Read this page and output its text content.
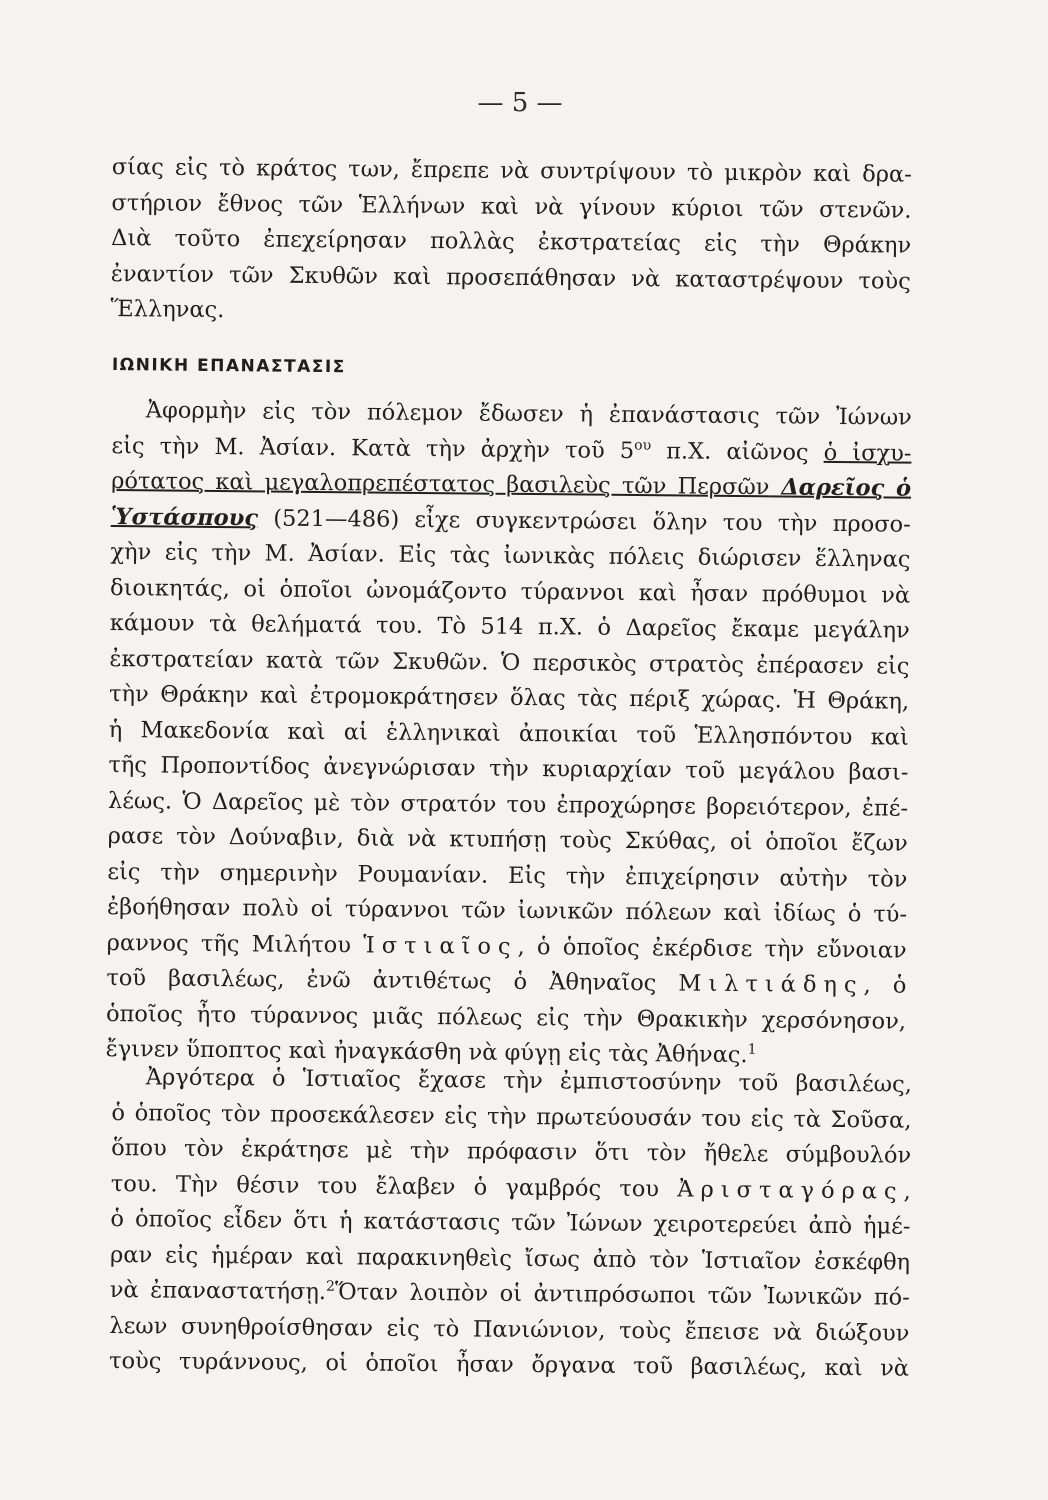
— 5 —
σίας εἰς τὸ κράτος των, ἔπρεπε νὰ συντρίψουν τὸ μικρὸν καὶ δρα-
στήριον ἔθνος τῶν Ἑλλήνων καὶ νὰ γίνουν κύριοι τῶν στενῶν.
Διὰ τοῦτο ἐπεχείρησαν πολλὰς ἐκστρατείας εἰς τὴν Θράκην
ἐναντίον τῶν Σκυθῶν καὶ προσεπάθησαν νὰ καταστρέψουν τοὺς
Ἕλληνας.
ΙΩΝΙΚΗ ΕΠΑΝΑΣΤΑΣΙΣ
Ἀφορμὴν εἰς τὸν πόλεμον ἔδωσεν ἡ ἐπανάστασις τῶν Ἰώνων
εἰς τὴν Μ. Ἀσίαν. Κατὰ τὴν ἀρχὴν τοῦ $5^{o\upsilon}$ π.Χ. αἰῶνος ὁ ἰσχυ-
ρότατος καὶ μεγαλοπρεπέστατος βασιλεὺς τῶν Περσῶν Δαρεῖος ὁ
Ὑστάσπους (521—486) εἶχε συγκεντρώσει ὅλην του τὴν προσο-
χὴν εἰς τὴν Μ. Ἀσίαν. Εἰς τὰς ἰωνικὰς πόλεις διώρισεν ἕλληνας
διοικητάς, οἱ ὁποῖοι ὠνομάζοντο τύραννοι καὶ ἦσαν πρόθυμοι νὰ
κάμουν τὰ θελήματά του. Τὸ 514 π.Χ. ὁ Δαρεῖος ἔκαμε μεγάλην
ἐκστρατείαν κατὰ τῶν Σκυθῶν. Ὁ περσικὸς στρατὸς ἐπέρασεν εἰς
τὴν Θράκην καὶ ἐτρομοκράτησεν ὅλας τὰς πέριξ χώρας. Ἡ Θράκη,
ἡ Μακεδονία καὶ αἱ ἑλληνικαὶ ἀποικίαι τοῦ Ἑλλησπόντου καὶ
τῆς Προποντίδος ἀνεγνώρισαν τὴν κυριαρχίαν τοῦ μεγάλου βασι-
λέως. Ὁ Δαρεῖος μὲ τὸν στρατόν του ἐπροχώρησε βορειότερον, ἐπέ-
ρασε τὸν Δούναβιν, διὰ νὰ κτυπήσῃ τοὺς Σκύθας, οἱ ὁποῖοι ἔζων
εἰς τὴν σημερινὴν Ρουμανίαν. Εἰς τὴν ἐπιχείρησιν αὐτὴν τὸν
ἐβοήθησαν πολὺ οἱ τύραννοι τῶν ἰωνικῶν πόλεων καὶ ἰδίως ὁ τύ-
ραννος τῆς Μιλήτου Ἱστιαῖος, ὁ ὁποῖος ἐκέρδισε τὴν εὔνοιαν
τοῦ βασιλέως, ἐνῶ ἀντιθέτως ὁ Ἀθηναῖος Μιλτιάδης, ὁ
ὁποῖος ἦτο τύραννος μιᾶς πόλεως εἰς τὴν Θρακικὴν χερσόνησον,
ἔγινεν ὕποπτος καὶ ἠναγκάσθη νὰ φύγῃ εἰς τὰς Ἀθήνας.$^1$
Ἀργότερα ὁ Ἱστιαῖος ἔχασε τὴν ἐμπιστοσύνην τοῦ βασιλέως,
ὁ ὁποῖος τὸν προσεκάλεσεν εἰς τὴν πρωτεύουσάν του εἰς τὰ Σοῦσα,
ὅπου τὸν ἐκράτησε μὲ τὴν πρόφασιν ὅτι τὸν ἤθελε σύμβουλόν
του. Τὴν θέσιν του ἔλαβεν ὁ γαμβρός του Ἀρισταγόρας,
ὁ ὁποῖος εἶδεν ὅτι ἡ κατάστασις τῶν Ἰώνων χειροτερεύει ἀπὸ ἡμέ-
ραν εἰς ἡμέραν καὶ παρακινηθεὶς ἴσως ἀπὸ τὸν Ἱστιαῖον ἐσκέφθη
νὰ ἐπαναστατήσῃ.$^2$Ὅταν λοιπὸν οἱ ἀντιπρόσωποι τῶν Ἰωνικῶν πό-
λεων συνηθροίσθησαν εἰς τὸ Πανιώνιον, τοὺς ἔπεισε νὰ διώξουν
τοὺς τυράννους, οἱ ὁποῖοι ἦσαν ὄργανα τοῦ βασιλέως, καὶ νὰ
